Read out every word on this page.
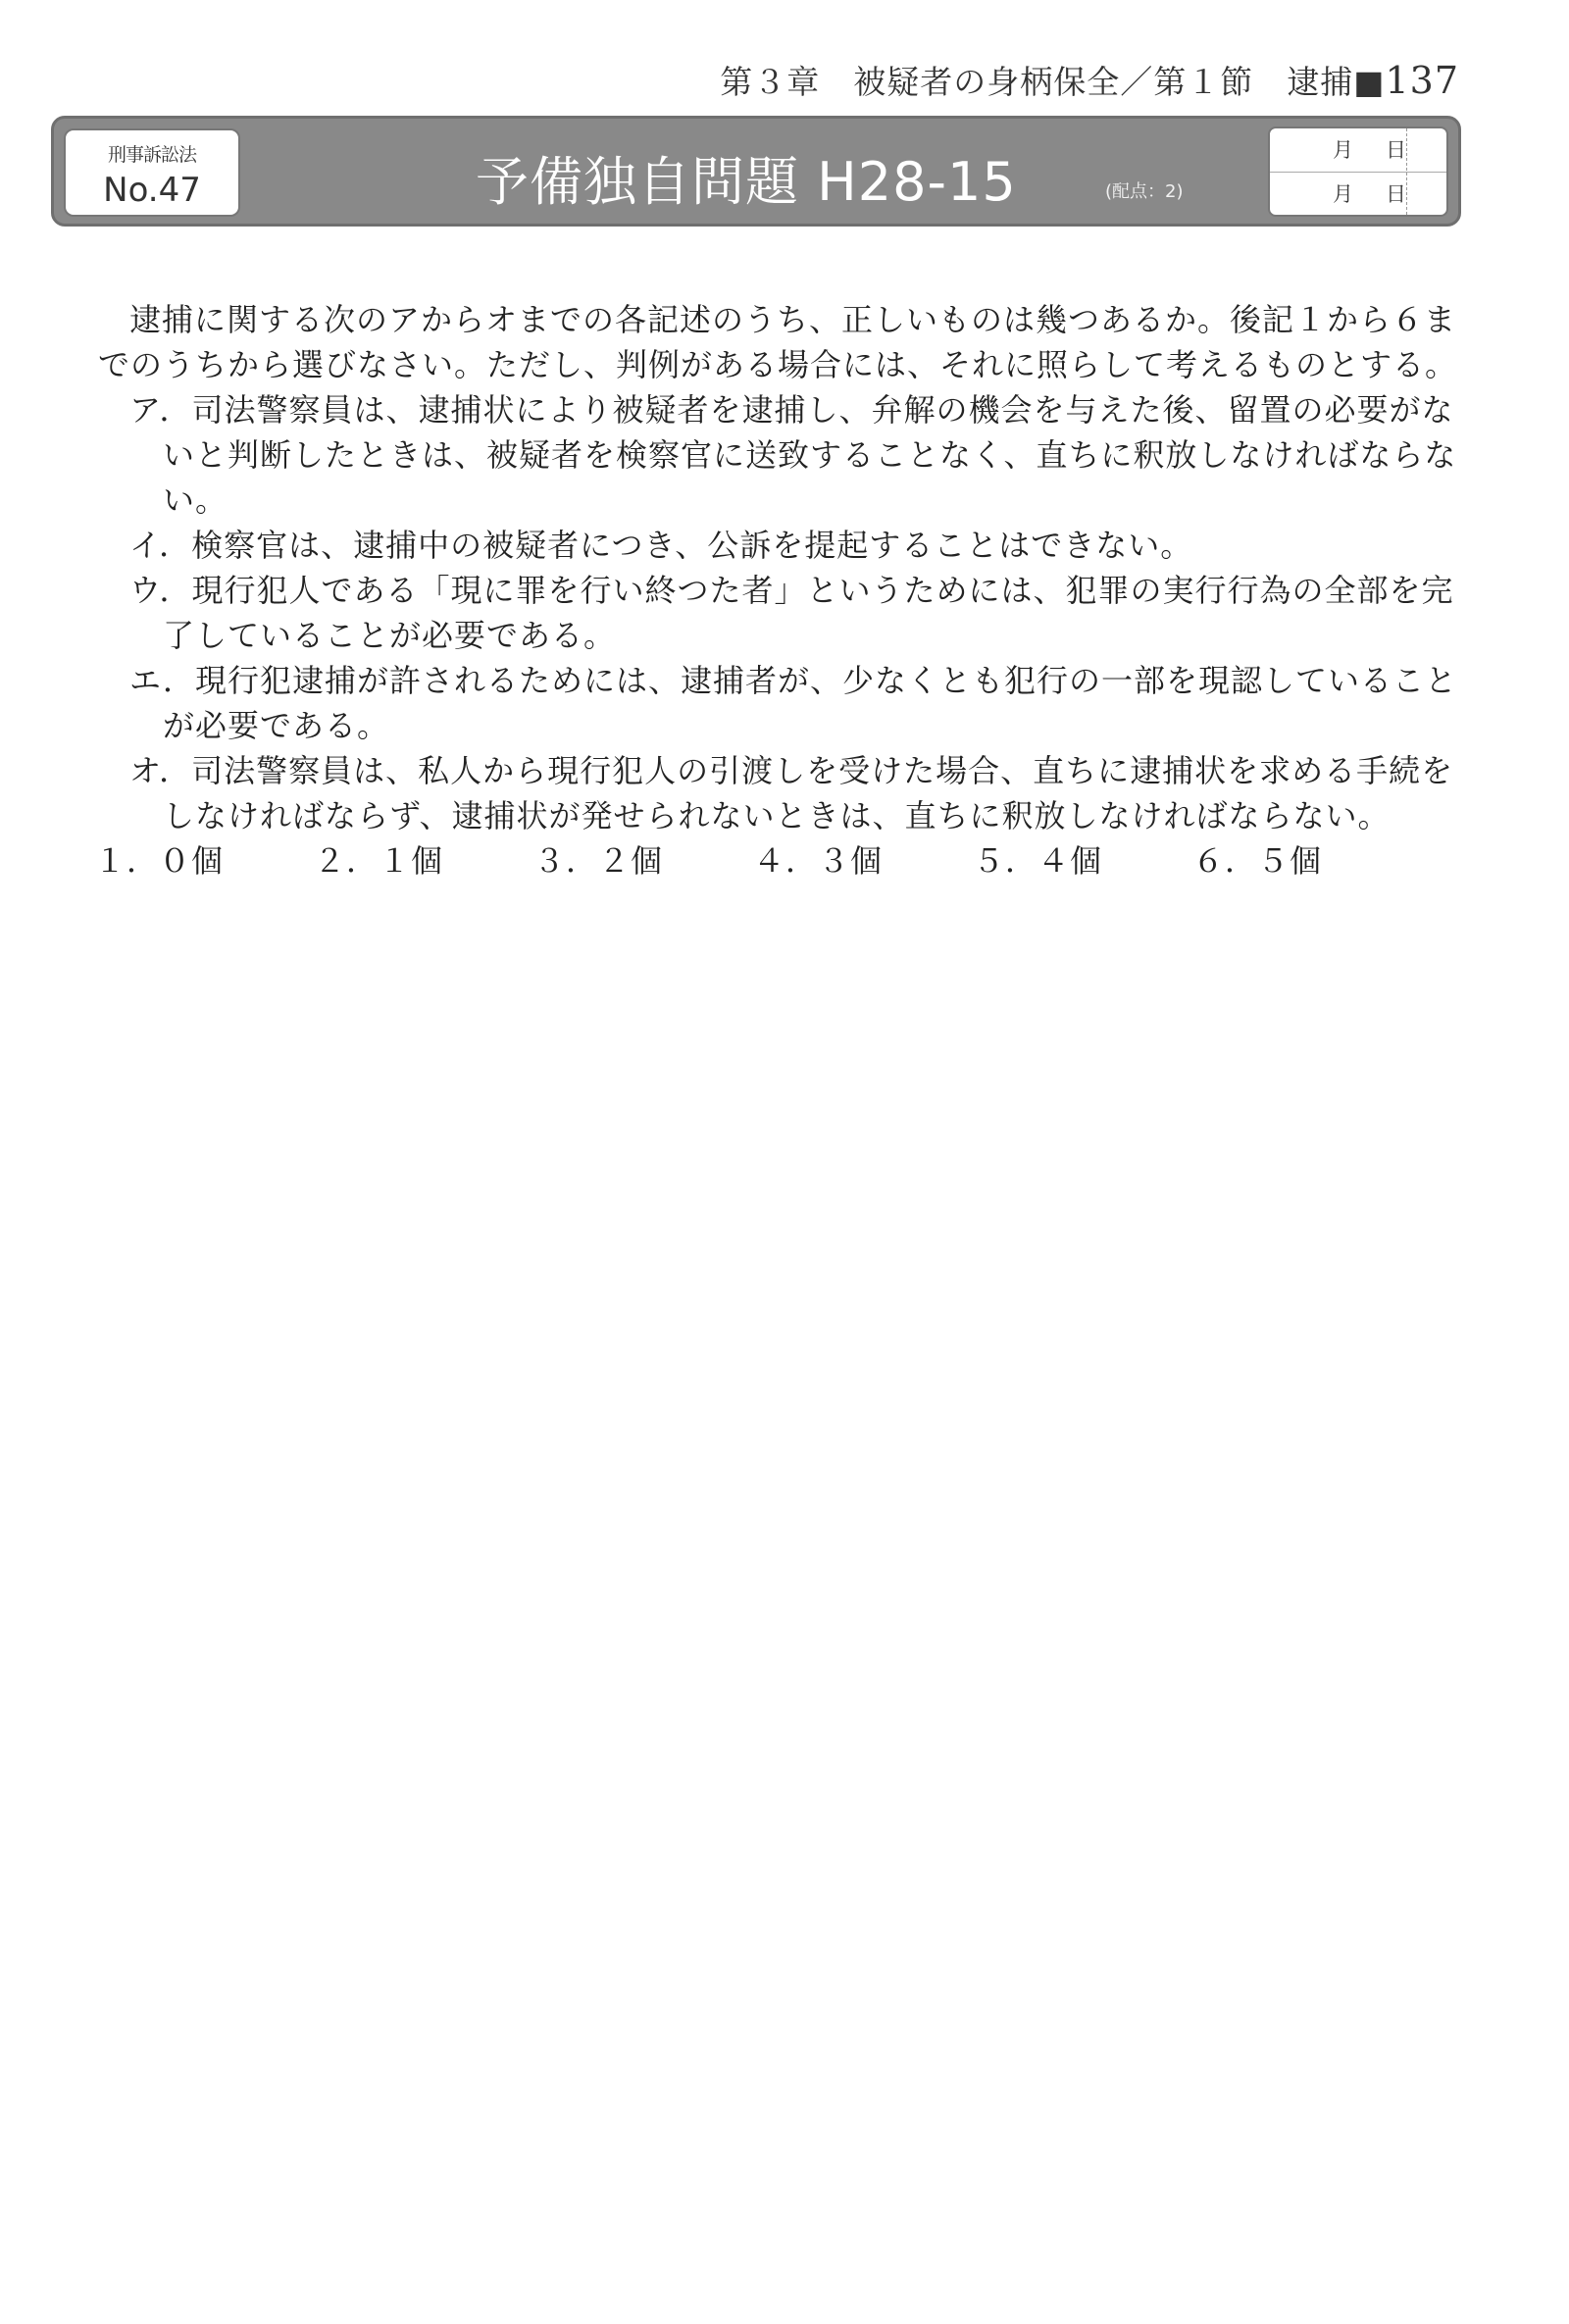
第３章　被疑者の身柄保全／第１節　逮捕■137
刑事訴訟法
No.47	予備独自問題 H28-15	(配点：2)
月 日
月 日
逮捕に関する次のアからオまでの各記述のうち、正しいものは幾つあるか。後記１から６までのうちから選びなさい。ただし、判例がある場合には、それに照らして考えるものとする。
ア．司法警察員は、逮捕状により被疑者を逮捕し、弁解の機会を与えた後、留置の必要がないと判断したときは、被疑者を検察官に送致することなく、直ちに釈放しなければならない。
イ．検察官は、逮捕中の被疑者につき、公訴を提起することはできない。
ウ．現行犯人である「現に罪を行い終つた者」というためには、犯罪の実行行為の全部を完了していることが必要である。
エ．現行犯逮捕が許されるためには、逮捕者が、少なくとも犯行の一部を現認していることが必要である。
オ．司法警察員は、私人から現行犯人の引渡しを受けた場合、直ちに逮捕状を求める手続をしなければならず、逮捕状が発せられないときは、直ちに釈放しなければならない。
１．０個	２．１個	３．２個	４．３個	５．４個	６．５個
